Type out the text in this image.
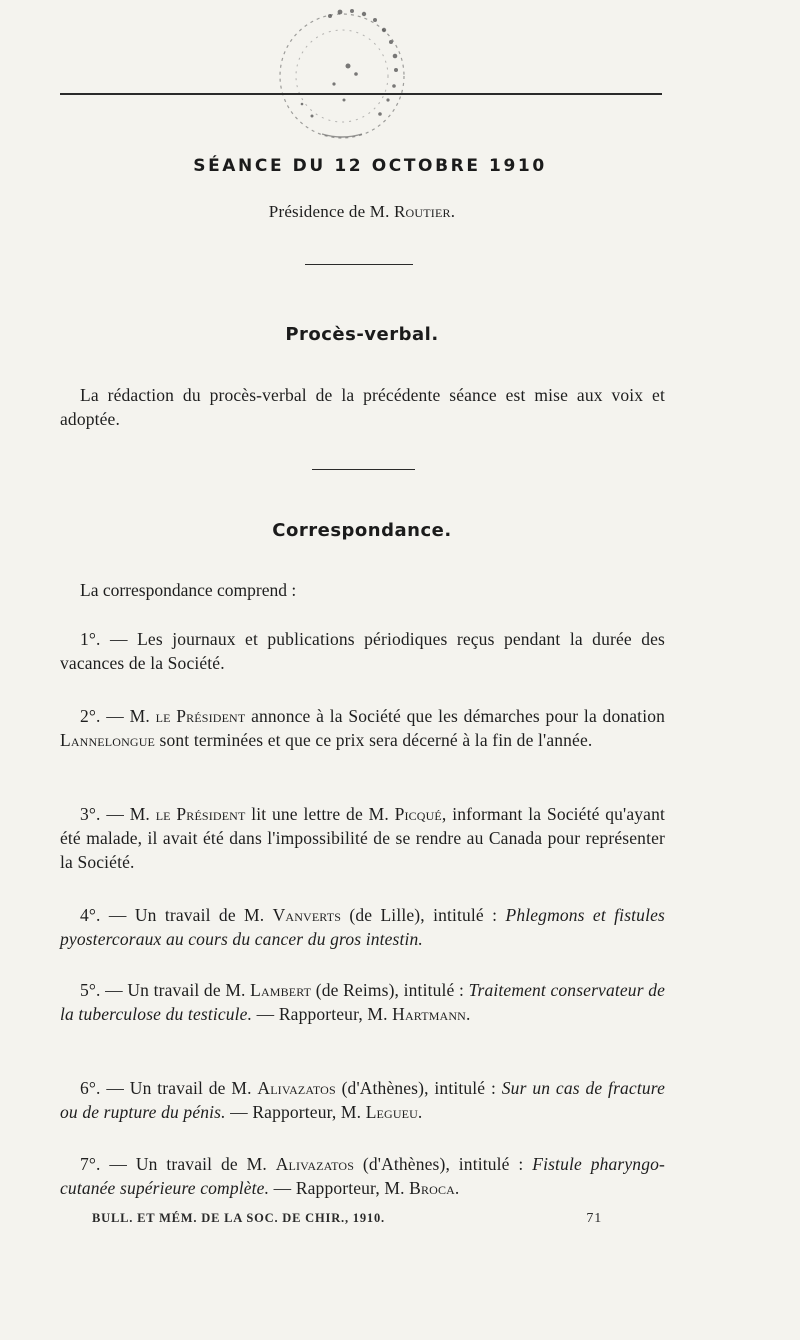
SÉANCE DU 12 OCTOBRE 1910
Présidence de M. Routier.
Procès-verbal.
La rédaction du procès-verbal de la précédente séance est mise aux voix et adoptée.
Correspondance.
La correspondance comprend :
1°. — Les journaux et publications périodiques reçus pendant la durée des vacances de la Société.
2°. — M. le Président annonce à la Société que les démarches pour la donation Lannelongue sont terminées et que ce prix sera décerné à la fin de l'année.
3°. — M. le Président lit une lettre de M. Picqué, informant la Société qu'ayant été malade, il avait été dans l'impossibilité de se rendre au Canada pour représenter la Société.
4°. — Un travail de M. Vanverts (de Lille), intitulé : Phlegmons et fistules pyostercoraux au cours du cancer du gros intestin.
5°. — Un travail de M. Lambert (de Reims), intitulé : Traitement conservateur de la tuberculose du testicule. — Rapporteur, M. Hartmann.
6°. — Un travail de M. Alivazatos (d'Athènes), intitulé : Sur un cas de fracture ou de rupture du pénis. — Rapporteur, M. Legueu.
7°. — Un travail de M. Alivazatos (d'Athènes), intitulé : Fistule pharyngo-cutanée supérieure complète. — Rapporteur, M. Broca.
BULL. ET MÉM. DE LA SOC. DE CHIR., 1910.	71
